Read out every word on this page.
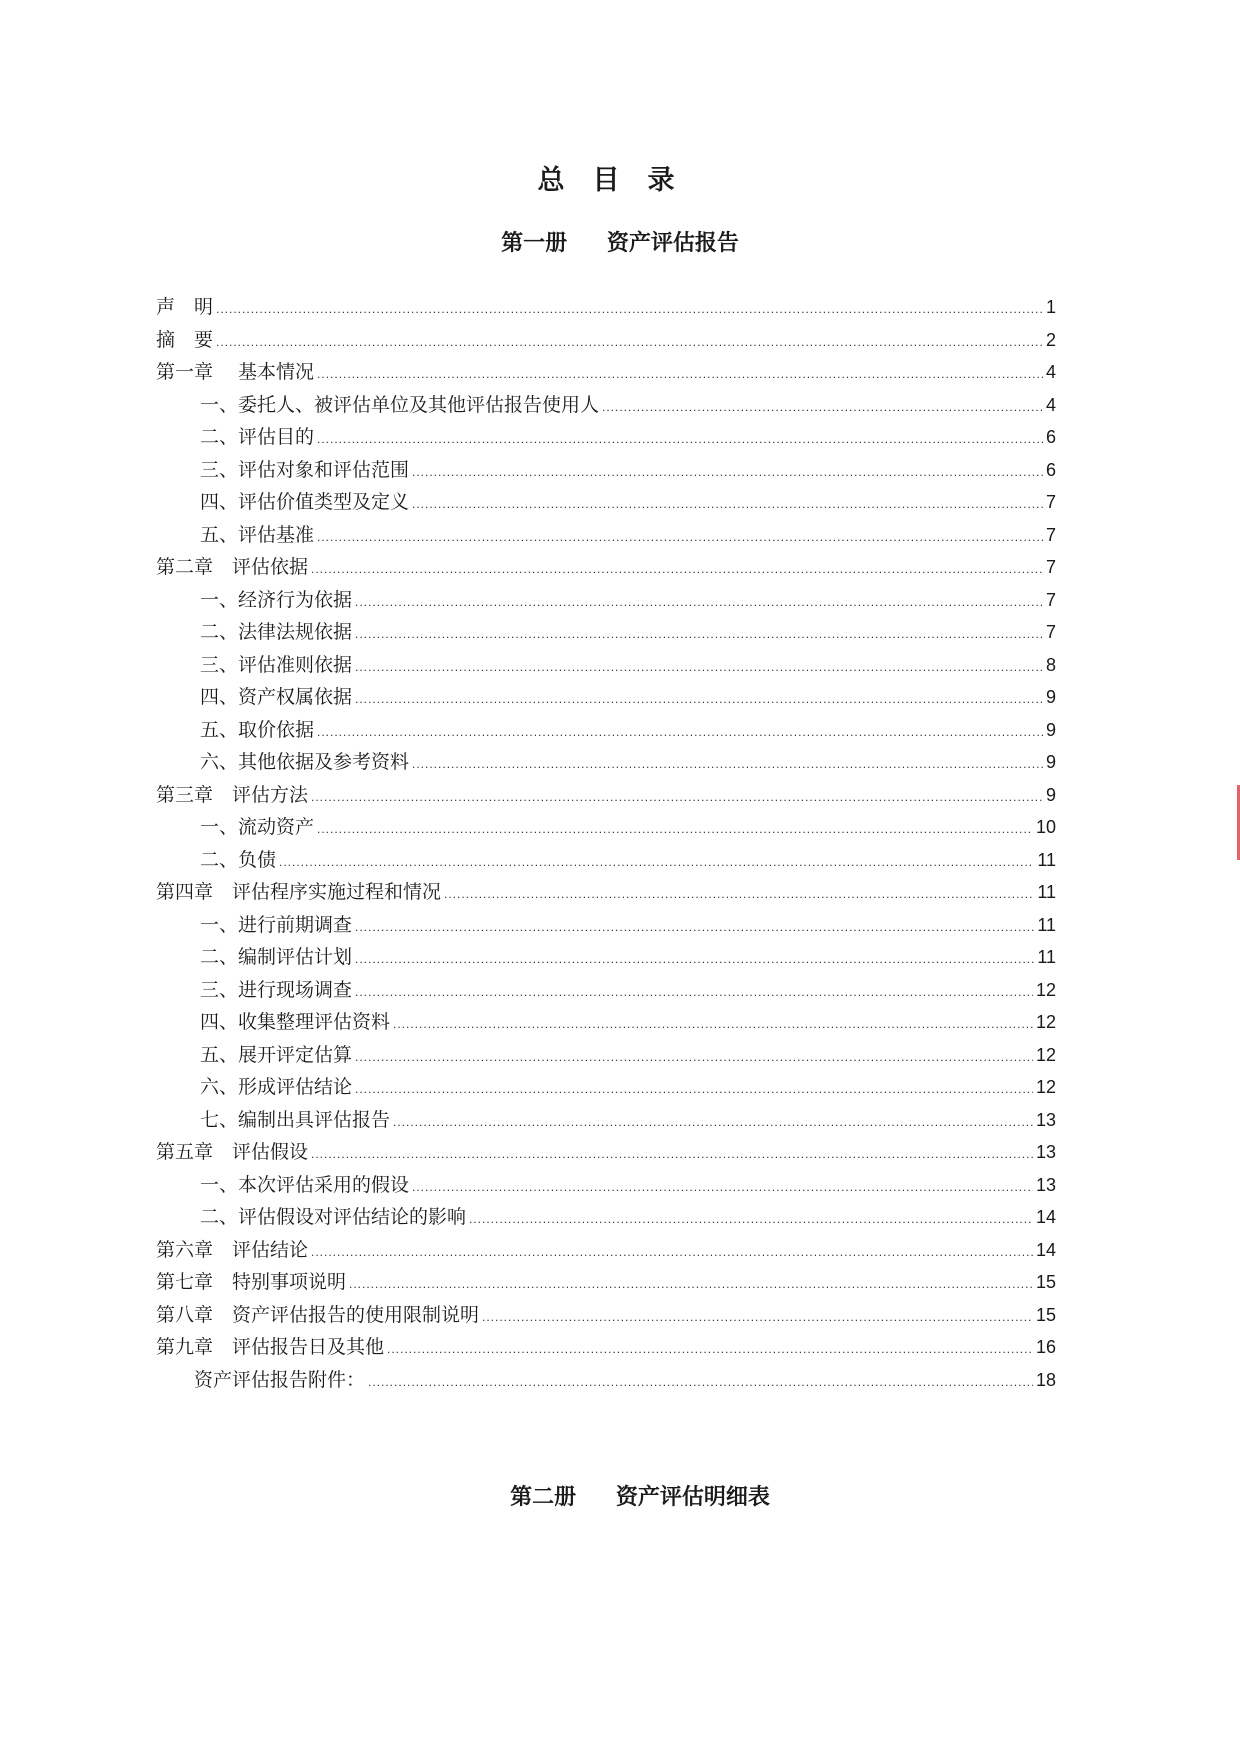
总目录
第一册 资产评估报告
声　明 .....	1
摘　要 .....	2
第一章　 基本情况 .....	4
一、委托人、被评估单位及其他评估报告使用人 .....	4
二、评估目的 .....	6
三、评估对象和评估范围 .....	6
四、评估价值类型及定义 .....	7
五、评估基准 .....	7
第二章　评估依据 .....	7
一、经济行为依据 .....	7
二、法律法规依据 .....	7
三、评估准则依据 .....	8
四、资产权属依据 .....	9
五、取价依据 .....	9
六、其他依据及参考资料 .....	9
第三章　评估方法 .....	9
一、流动资产 .....	10
二、负债 .....	11
第四章　评估程序实施过程和情况 .....	11
一、进行前期调查 .....	11
二、编制评估计划 .....	11
三、进行现场调查 .....	12
四、收集整理评估资料 .....	12
五、展开评定估算 .....	12
六、形成评估结论 .....	12
七、编制出具评估报告 .....	13
第五章　评估假设 .....	13
一、本次评估采用的假设 .....	13
二、评估假设对评估结论的影响 .....	14
第六章　评估结论 .....	14
第七章　特别事项说明 .....	15
第八章　资产评估报告的使用限制说明 .....	15
第九章　评估报告日及其他 .....	16
资产评估报告附件： .....	18
第二册 资产评估明细表
